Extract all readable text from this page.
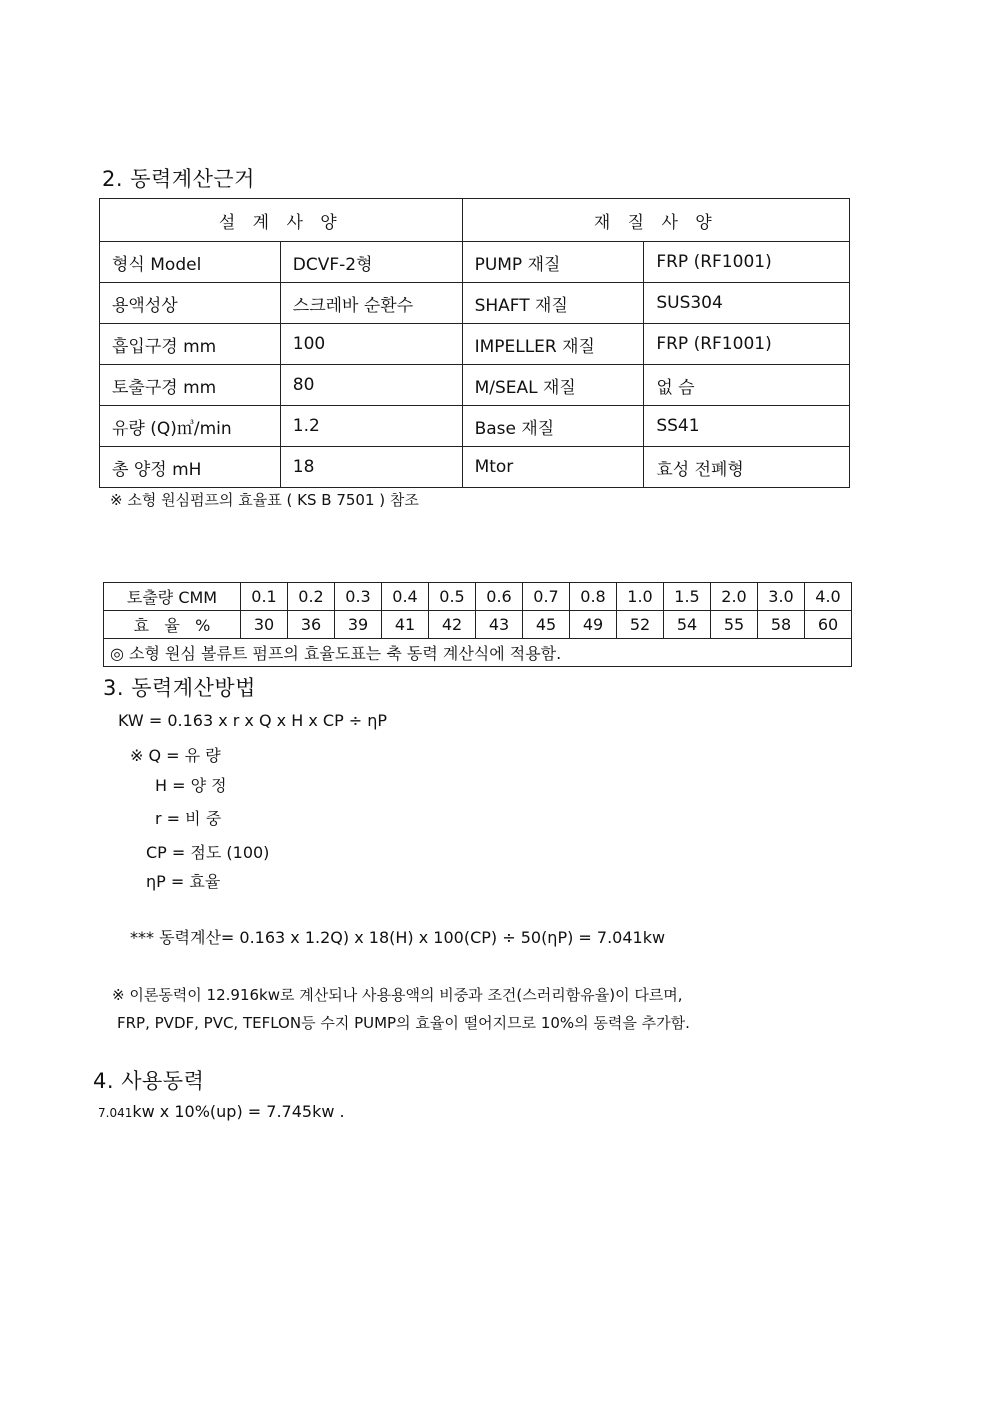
2. 동력계산근거
설 계 사 양		재 질 사 양	
형식 Model	DCVF-2형	PUMP 재질	FRP (RF1001)
용액성상	스크레바 순환수	SHAFT 재질	SUS304
흡입구경 mm	100	IMPELLER 재질	FRP (RF1001)
토출구경 mm	80	M/SEAL 재질	없 슴
유량 (Q)㎥/min	1.2	Base 재질	SS41
총 양정 mH	18	Mtor	효성 전폐형
※ 소형 원심펌프의 효율표 ( KS B 7501 ) 참조
토출량 CMM	0.1	0.2	0.3	0.4	0.5	0.6	0.7	0.8	1.0	1.5	2.0	3.0	4.0
효   율   %	30	36	39	41	42	43	45	49	52	54	55	58	60
◎ 소형 원심 볼류트 펌프의 효율도표는 축 동력 계산식에 적용함.													
3. 동력계산방법
KW = 0.163 x r x Q x H x CP ÷ ηP
※ Q = 유 량
H = 양 정
r = 비 중
CP = 점도 (100)
ηP = 효율
*** 동력계산= 0.163 x 1.2Q) x 18(H) x 100(CP) ÷ 50(ηP) = 7.041kw
※ 이론동력이 12.916kw로 계산되나 사용용액의 비중과 조건(스러리함유율)이 다르며,
FRP, PVDF, PVC, TEFLON등 수지 PUMP의 효율이 떨어지므로 10%의 동력을 추가함.
4. 사용동력
7.041kw x 10%(up) = 7.745kw .
